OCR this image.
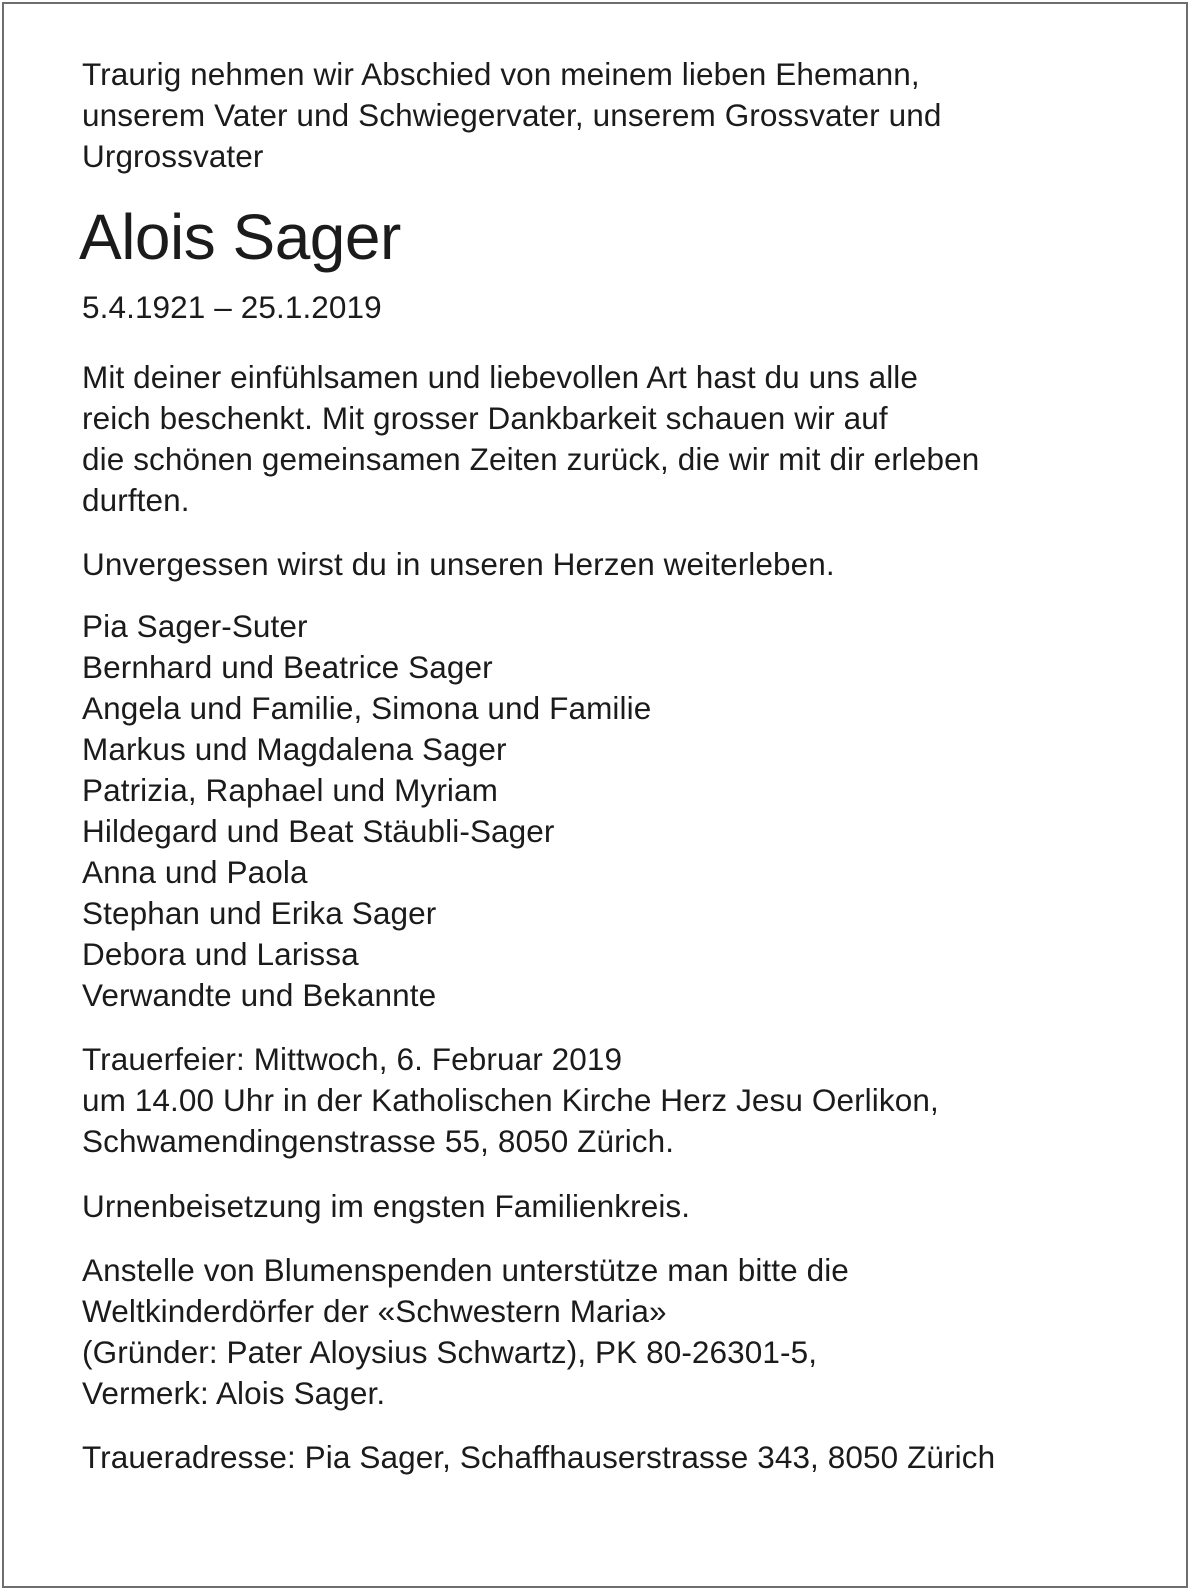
Traurig nehmen wir Abschied von meinem lieben Ehemann,
unserem Vater und Schwiegervater, unserem Grossvater und
Urgrossvater

Alois Sager

5.4.1921 – 25.1.2019

Mit deiner einfühlsamen und liebevollen Art hast du uns alle
reich beschenkt. Mit grosser Dankbarkeit schauen wir auf
die schönen gemeinsamen Zeiten zurück, die wir mit dir erleben
durften.

Unvergessen wirst du in unseren Herzen weiterleben.

Pia Sager-Suter
Bernhard und Beatrice Sager
Angela und Familie, Simona und Familie
Markus und Magdalena Sager
Patrizia, Raphael und Myriam
Hildegard und Beat Stäubli-Sager
Anna und Paola
Stephan und Erika Sager
Debora und Larissa
Verwandte und Bekannte

Trauerfeier: Mittwoch, 6. Februar 2019
um 14.00 Uhr in der Katholischen Kirche Herz Jesu Oerlikon,
Schwamendingenstrasse 55, 8050 Zürich.

Urnenbeisetzung im engsten Familienkreis.

Anstelle von Blumenspenden unterstütze man bitte die
Weltkinderdörfer der «Schwestern Maria»
(Gründer: Pater Aloysius Schwartz), PK 80-26301-5,
Vermerk: Alois Sager.

Traueradresse: Pia Sager, Schaffhauserstrasse 343, 8050 Zürich
